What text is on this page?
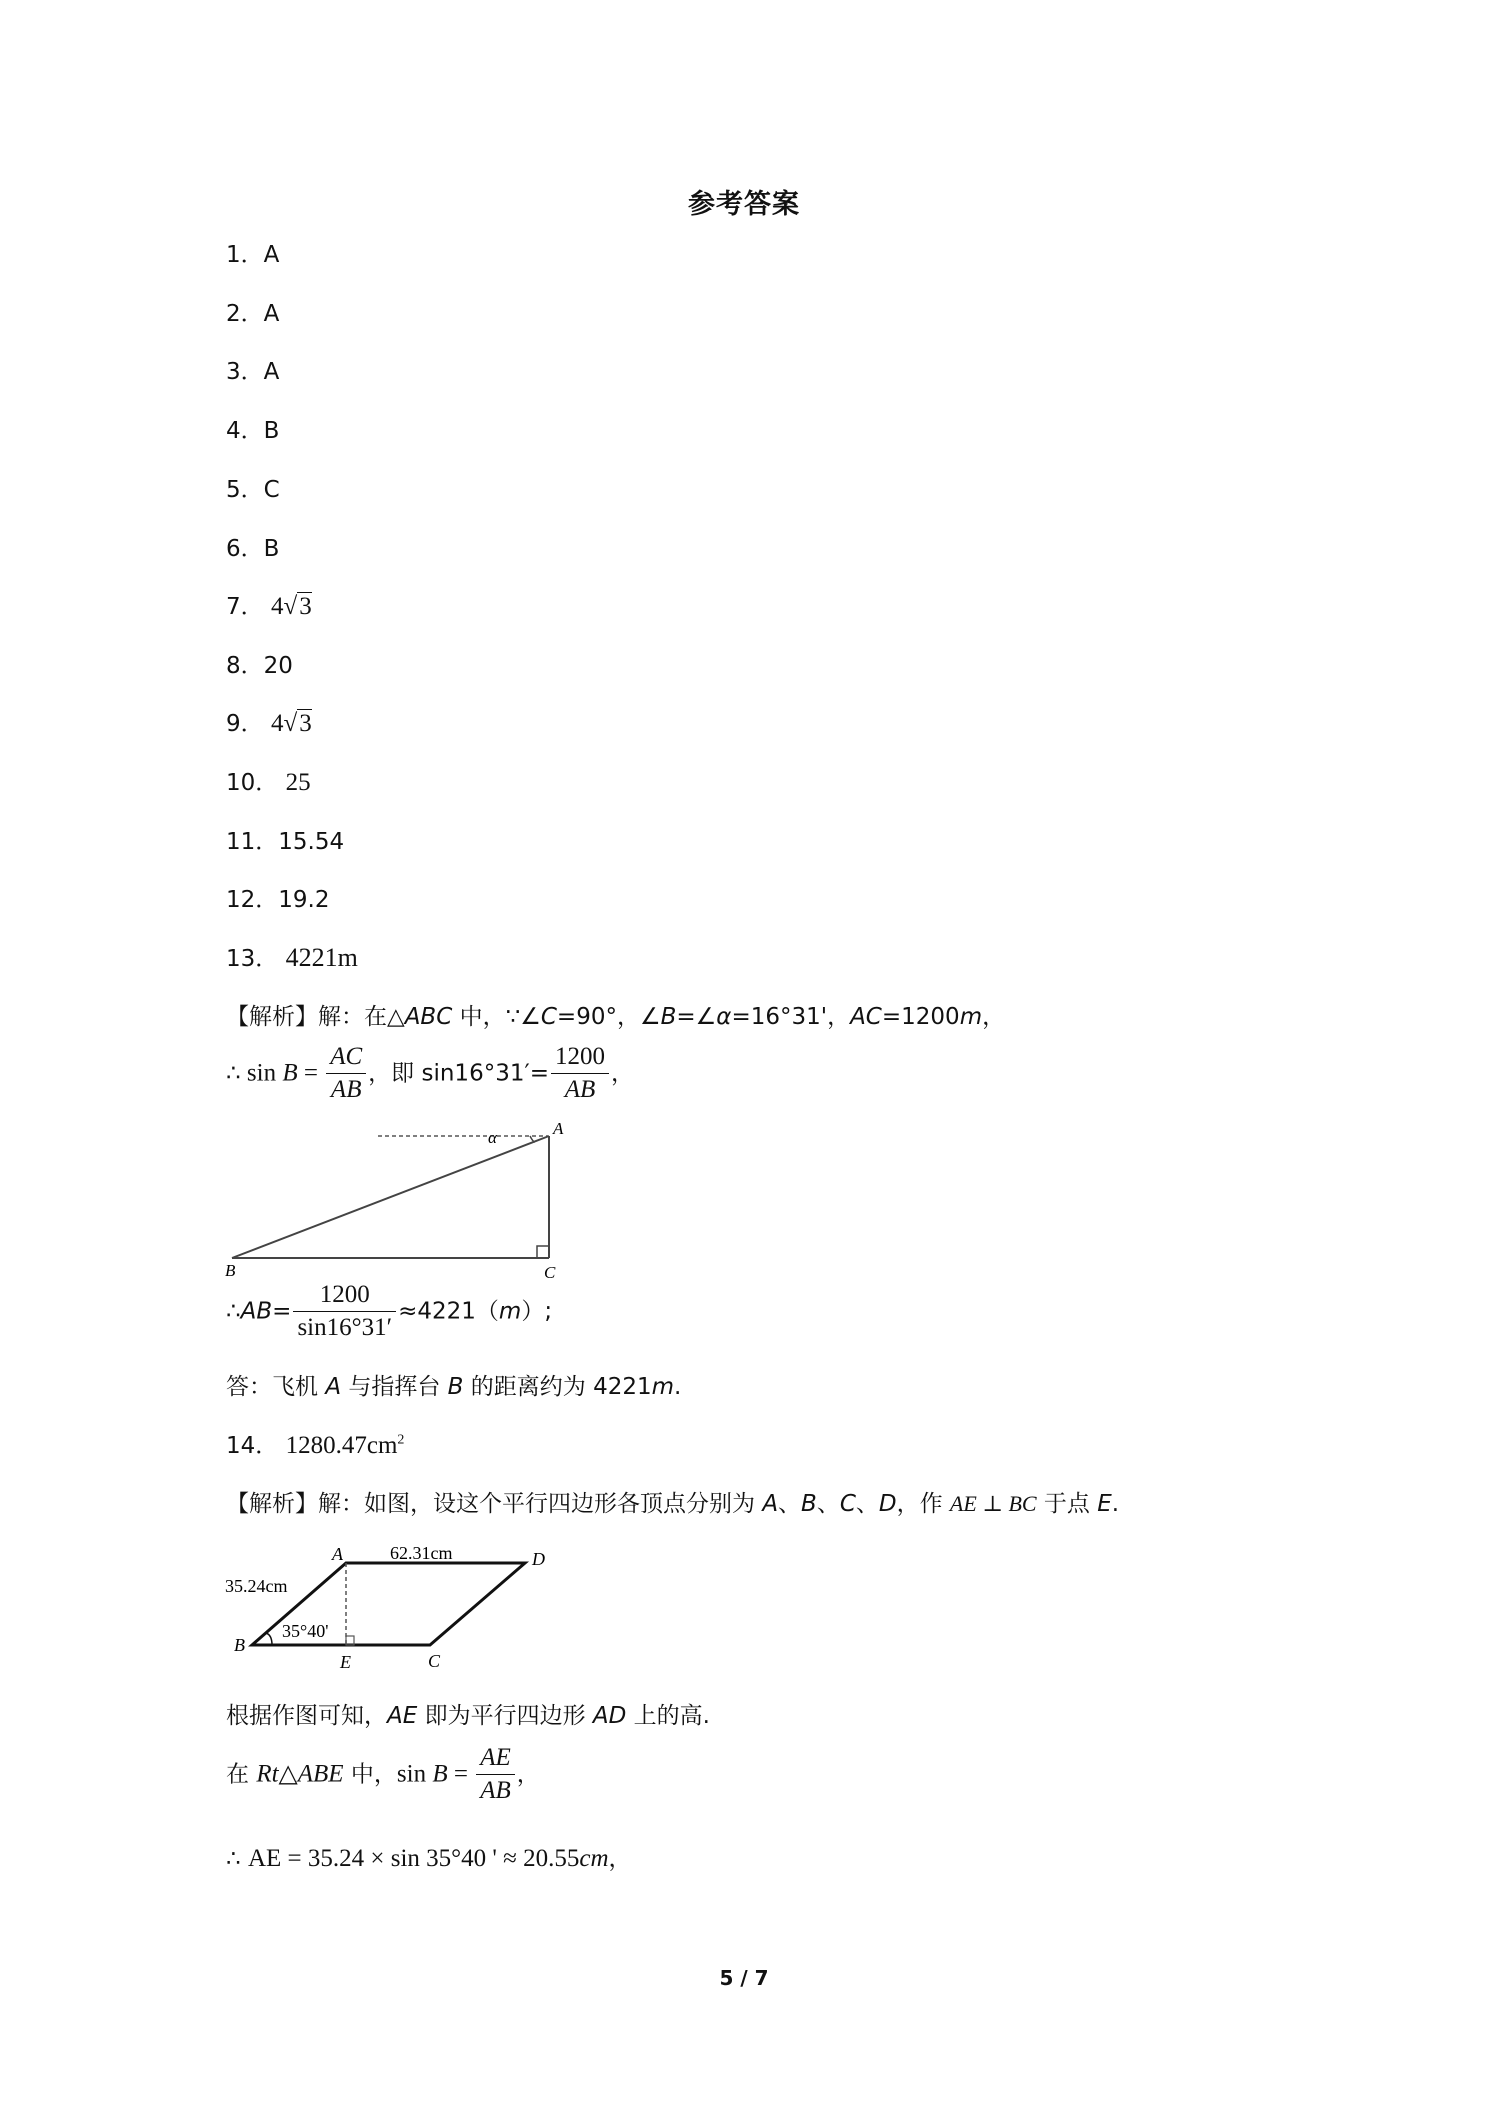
参考答案
1．A
2．A
3．A
4．B
5．C
6．B
7． 4√3
8．20
9． 4√3
10． 25
11．15.54
12．19.2
13． 4221m
【解析】解：在△ABC 中，∵∠C=90°，∠B=∠α=16°31'，AC=1200m，
∴ $\sin B = \frac{AC}{AB}$ ，即 $\sin 16^\circ 31'= \frac{1200}{AB}$ ，
α	A
B	C
∴AB= $\frac{1200}{\sin 16^\circ 31'} \approx 4221(m)$;
答：飞机 A 与指挥台 B 的距离约为 4221m.
14． $1280.47cm^2$
【解析】解：如图，设这个平行四边形各顶点分别为 A、B、C、D，作 AE ⊥ BC 于点 E.
35.24cm
62.31cm
35°40'
A	D
B
C
E
根据作图可知，AE 即为平行四边形 AD 上的高.
在 Rt△ABE 中，$\sin B = \frac{AE}{AB}$ ，
∴ AE = 35.24 × sin 35°40 ' ≈ 20.55cm，
5 / 7
